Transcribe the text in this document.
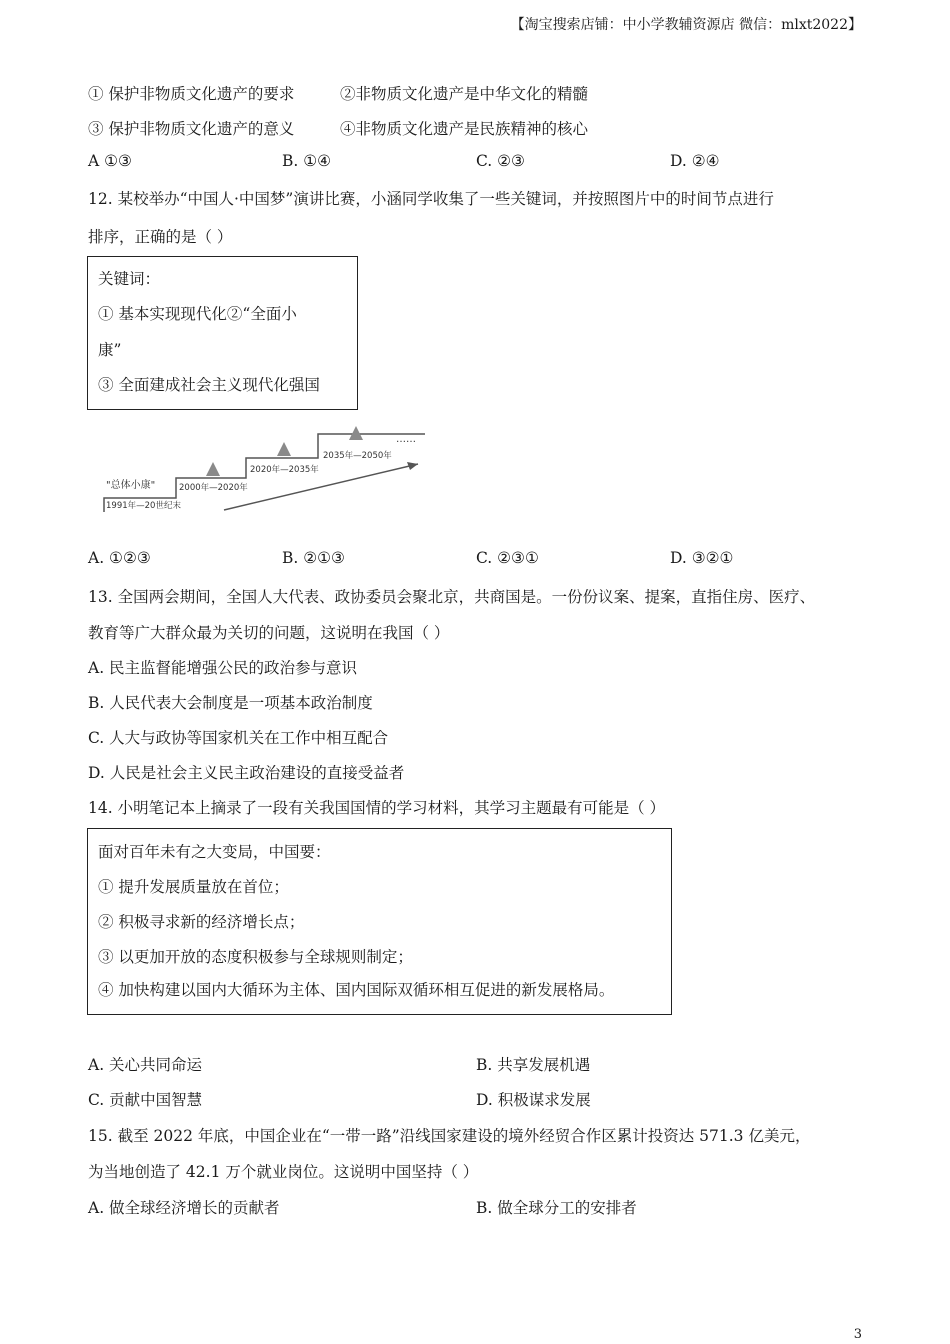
【淘宝搜索店铺：中小学教辅资源店 微信：mlxt2022】
① 保护非物质文化遗产的要求	②非物质文化遗产是中华文化的精髓
③ 保护非物质文化遗产的意义	④非物质文化遗产是民族精神的核心
A ①③	B. ①④	C. ②③	D. ②④
12. 某校举办“中国人·中国梦”演讲比赛，小涵同学收集了一些关键词，并按照图片中的时间节点进行
排序，正确的是（ ）
关键词：
① 基本实现现代化②“全面小
康”
③ 全面建成社会主义现代化强国
"总体小康"
1991年—20世纪末
2000年—2020年
2020年—2035年
2035年—2050年
……
A. ①②③	B. ②①③	C. ②③①	D. ③②①
13. 全国两会期间，全国人大代表、政协委员会聚北京，共商国是。一份份议案、提案，直指住房、医疗、
教育等广大群众最为关切的问题，这说明在我国（ ）
A. 民主监督能增强公民的政治参与意识
B. 人民代表大会制度是一项基本政治制度
C. 人大与政协等国家机关在工作中相互配合
D. 人民是社会主义民主政治建设的直接受益者
14. 小明笔记本上摘录了一段有关我国国情的学习材料，其学习主题最有可能是（ ）
面对百年未有之大变局，中国要：
① 提升发展质量放在首位；
② 积极寻求新的经济增长点；
③ 以更加开放的态度积极参与全球规则制定；
④ 加快构建以国内大循环为主体、国内国际双循环相互促进的新发展格局。
A. 关心共同命运	B. 共享发展机遇
C. 贡献中国智慧	D. 积极谋求发展
15. 截至 2022 年底，中国企业在“一带一路”沿线国家建设的境外经贸合作区累计投资达 571.3 亿美元，
为当地创造了 42.1 万个就业岗位。这说明中国坚持（ ）
A. 做全球经济增长的贡献者	B. 做全球分工的安排者
3
